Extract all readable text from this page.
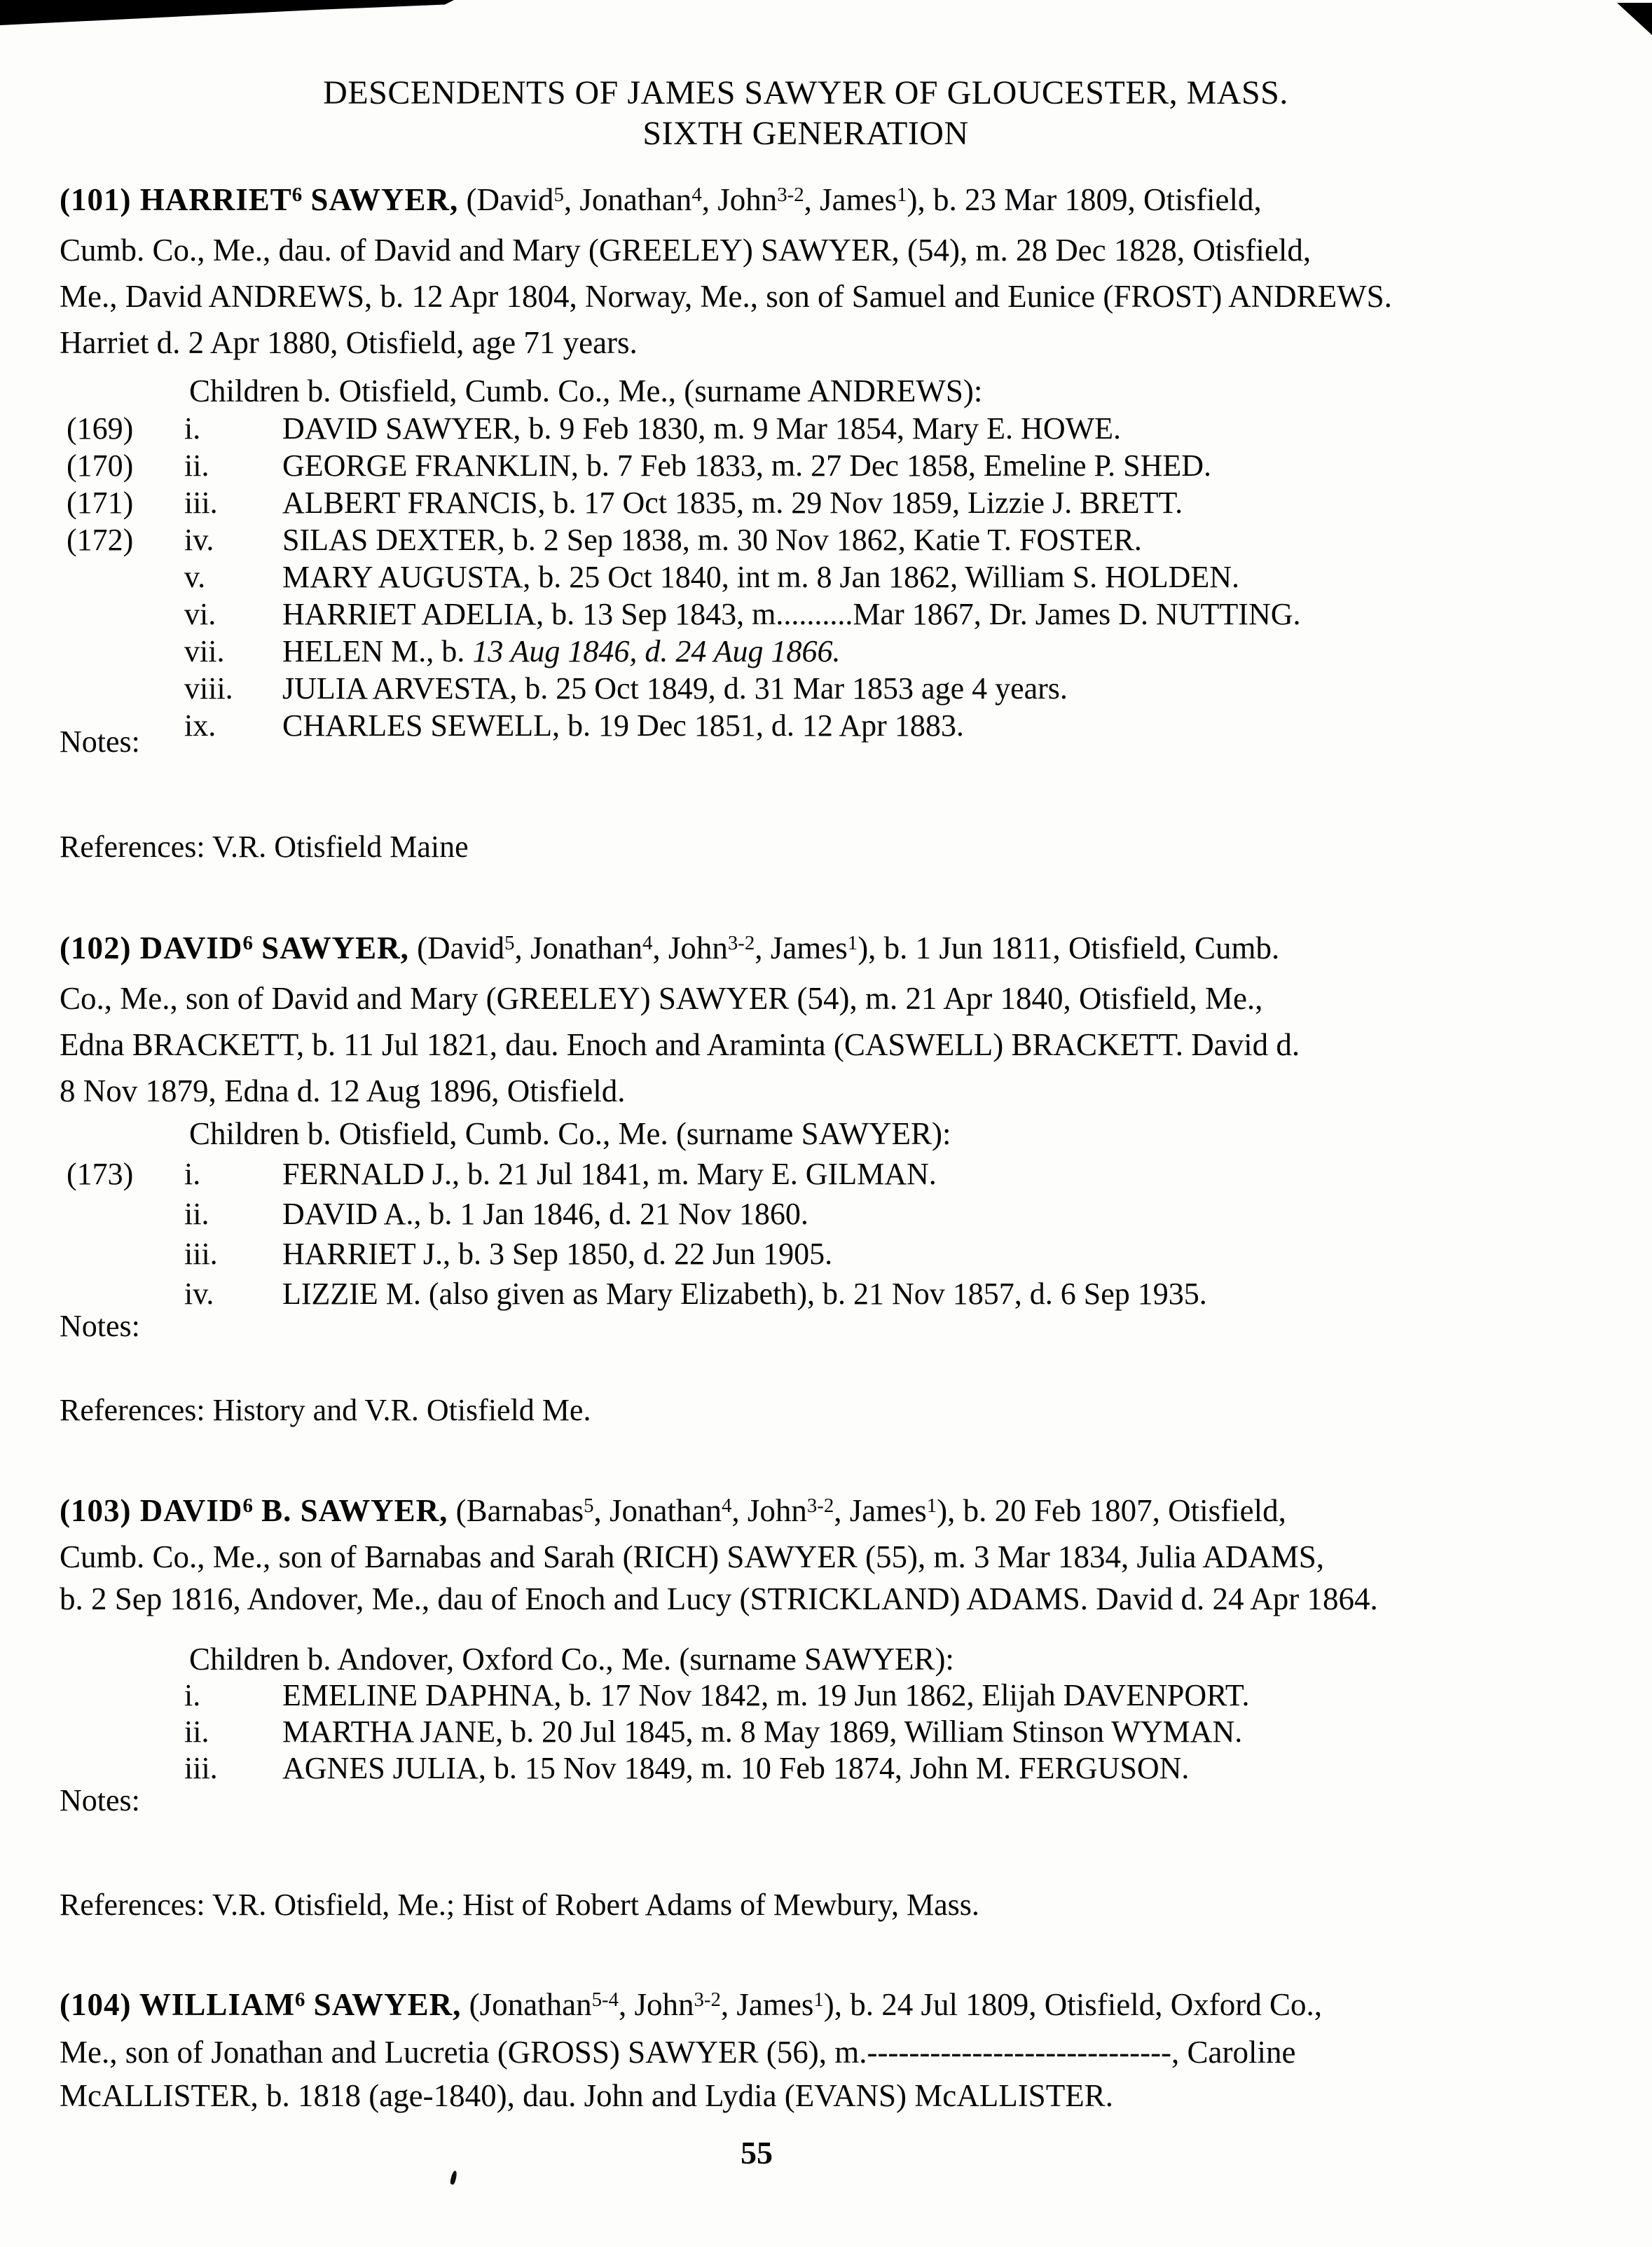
DESCENDENTS OF JAMES SAWYER OF GLOUCESTER, MASS.
SIXTH GENERATION
(101) HARRIET$^6$ SAWYER, (David$^5$, Jonathan$^4$, John$^{3-2}$, James$^1$), b. 23 Mar 1809, Otisfield,
Cumb. Co., Me., dau. of David and Mary (GREELEY) SAWYER, (54), m. 28 Dec 1828, Otisfield,
Me., David ANDREWS, b. 12 Apr 1804, Norway, Me., son of Samuel and Eunice (FROST) ANDREWS.
Harriet d. 2 Apr 1880, Otisfield, age 71 years.
Children b. Otisfield, Cumb. Co., Me., (surname ANDREWS):
(169) i.	DAVID SAWYER, b. 9 Feb 1830, m. 9 Mar 1854, Mary E. HOWE.
(170) ii. GEORGE FRANKLIN, b. 7 Feb 1833, m. 27 Dec 1858, Emeline P. SHED.
(171) iii. ALBERT FRANCIS, b. 17 Oct 1835, m. 29 Nov 1859, Lizzie J. BRETT.
(172) iv. SILAS DEXTER, b. 2 Sep 1838, m. 30 Nov 1862, Katie T. FOSTER.
v. MARY AUGUSTA, b. 25 Oct 1840, int m. 8 Jan 1862, William S. HOLDEN.
vi. HARRIET ADELIA, b. 13 Sep 1843, m..........Mar 1867, Dr. James D. NUTTING.
vii. HELEN M., b. 13 Aug 1846, d. 24 Aug 1866.
viii. JULIA ARVESTA, b. 25 Oct 1849, d. 31 Mar 1853 age 4 years.
ix. CHARLES SEWELL, b. 19 Dec 1851, d. 12 Apr 1883.
Notes:
References: V.R. Otisfield Maine
(102) DAVID$^6$ SAWYER, (David$^5$, Jonathan$^4$, John$^{3-2}$, James$^1$), b. 1 Jun 1811, Otisfield, Cumb.
Co., Me., son of David and Mary (GREELEY) SAWYER (54), m. 21 Apr 1840, Otisfield, Me.,
Edna BRACKETT, b. 11 Jul 1821, dau. Enoch and Araminta (CASWELL) BRACKETT. David d.
8 Nov 1879, Edna d. 12 Aug 1896, Otisfield.
Children b. Otisfield, Cumb. Co., Me. (surname SAWYER):
(173) i.	FERNALD J., b. 21 Jul 1841, m. Mary E. GILMAN.
ii. DAVID A., b. 1 Jan 1846, d. 21 Nov 1860.
iii. HARRIET J., b. 3 Sep 1850, d. 22 Jun 1905.
iv. LIZZIE M. (also given as Mary Elizabeth), b. 21 Nov 1857, d. 6 Sep 1935.
Notes:
References: History and V.R. Otisfield Me.
(103) DAVID$^6$ B. SAWYER, (Barnabas$^5$, Jonathan$^4$, John$^{3-2}$, James$^1$), b. 20 Feb 1807, Otisfield,
Cumb. Co., Me., son of Barnabas and Sarah (RICH) SAWYER (55), m. 3 Mar 1834, Julia ADAMS,
b. 2 Sep 1816, Andover, Me., dau of Enoch and Lucy (STRICKLAND) ADAMS. David d. 24 Apr 1864.
Children b. Andover, Oxford Co., Me. (surname SAWYER):
i.	EMELINE DAPHNA, b. 17 Nov 1842, m. 19 Jun 1862, Elijah DAVENPORT.
ii. MARTHA JANE, b. 20 Jul 1845, m. 8 May 1869, William Stinson WYMAN.
iii. AGNES JULIA, b. 15 Nov 1849, m. 10 Feb 1874, John M. FERGUSON.
Notes:
References: V.R. Otisfield, Me.; Hist of Robert Adams of Mewbury, Mass.
(104) WILLIAM$^6$ SAWYER, (Jonathan$^{5-4}$, John$^{3-2}$, James$^1$), b. 24 Jul 1809, Otisfield, Oxford Co.,
Me., son of Jonathan and Lucretia (GROSS) SAWYER (56), m.-----------------------------, Caroline
McALLISTER, b. 1818 (age-1840), dau. John and Lydia (EVANS) McALLISTER.
55
